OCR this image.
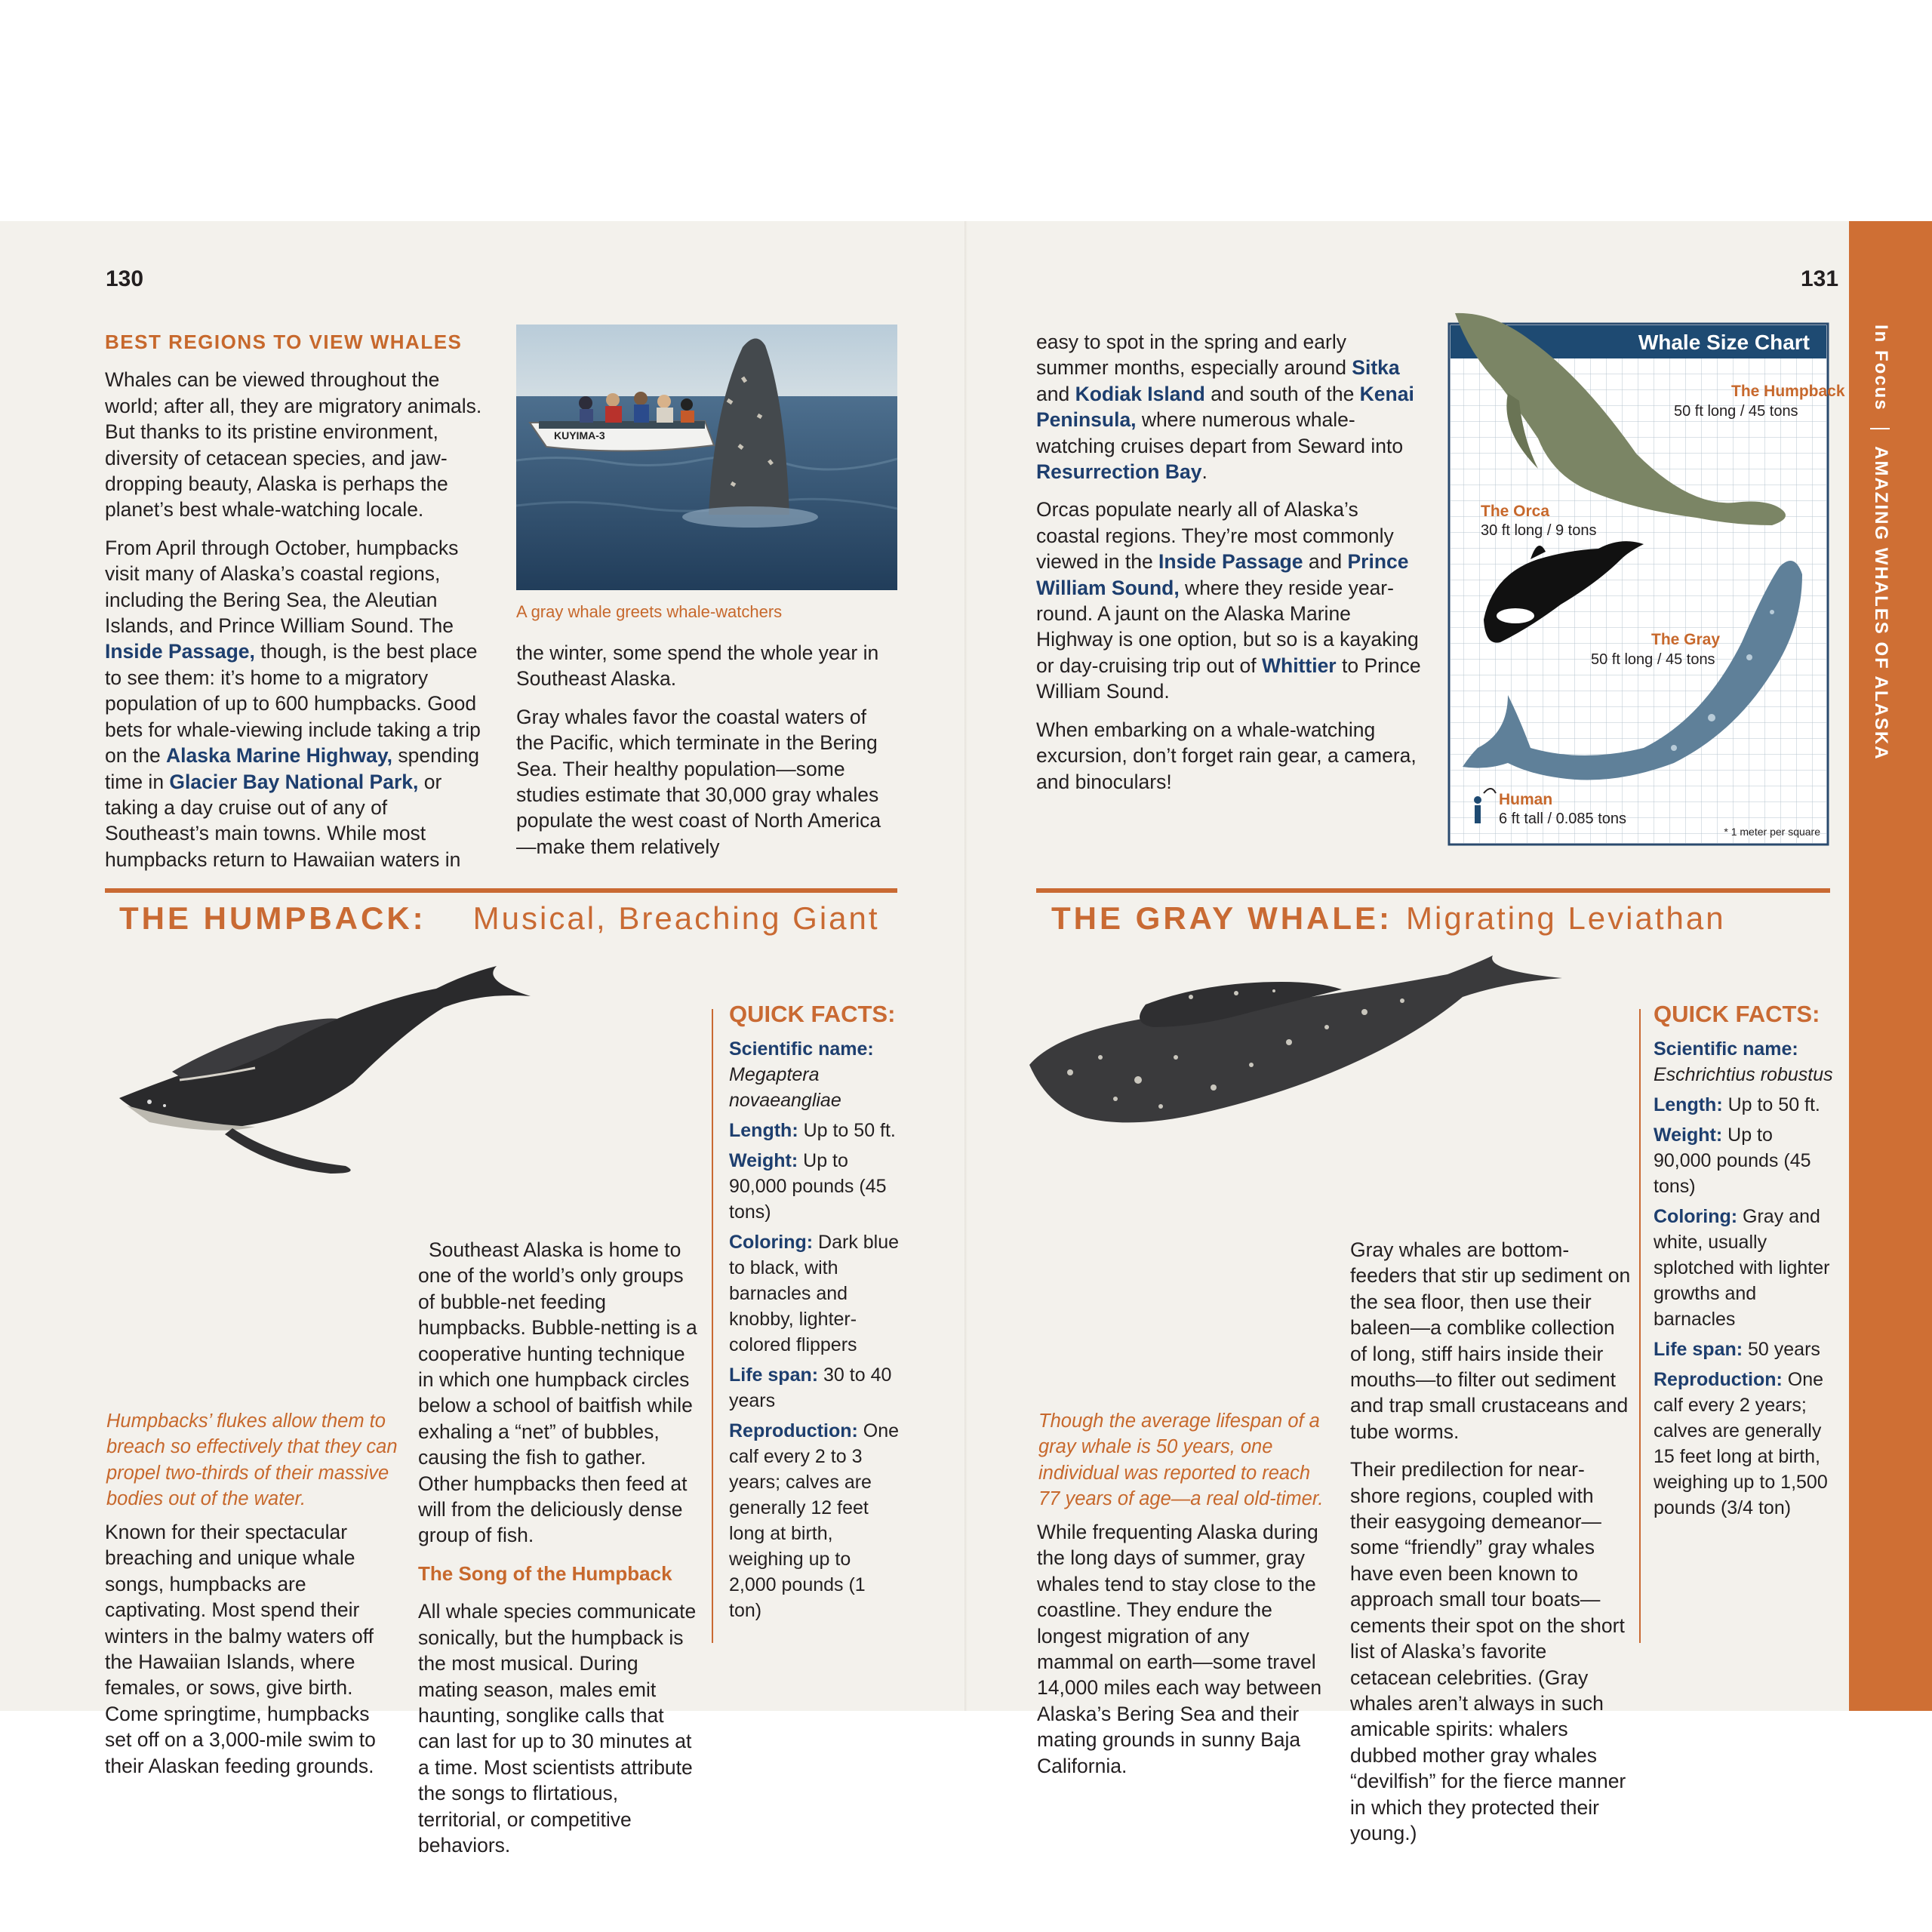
130

BEST REGIONS TO VIEW WHALES

Whales can be viewed throughout the world; after all, they are migratory animals. But thanks to its pristine environment, diversity of cetacean species, and jaw-dropping beauty, Alaska is perhaps the planet’s best whale-watching locale.

From April through October, humpbacks visit many of Alaska’s coastal regions, including the Bering Sea, the Aleutian Islands, and Prince William Sound. The Inside Passage, though, is the best place to see them: it’s home to a migratory population of up to 600 humpbacks. Good bets for whale-viewing include taking a trip on the Alaska Marine Highway, spending time in Glacier Bay National Park, or taking a day cruise out of any of Southeast’s main towns. While most humpbacks return to Hawaiian waters in

KUYIMA-3
A gray whale greets whale-watchers

the winter, some spend the whole year in Southeast Alaska.

Gray whales favor the coastal waters of the Pacific, which terminate in the Bering Sea. Their healthy population—some studies estimate that 30,000 gray whales populate the west coast of North America—make them relatively

THE HUMPBACK: Musical, Breaching Giant
Humpbacks’ flukes allow them to breach so effectively that they can propel two-thirds of their massive bodies out of the water.

Known for their spectacular breaching and unique whale songs, humpbacks are captivating. Most spend their winters in the balmy waters off the Hawaiian Islands, where females, or sows, give birth. Come springtime, humpbacks set off on a 3,000-mile swim to their Alaskan feeding grounds.

Southeast Alaska is home to one of the world’s only groups of bubble-net feeding humpbacks. Bubble-netting is a cooperative hunting technique in which one humpback circles below a school of baitfish while exhaling a “net” of bubbles, causing the fish to gather. Other humpbacks then feed at will from the deliciously dense group of fish.

The Song of the Humpback

All whale species communicate sonically, but the humpback is the most musical. During mating season, males emit haunting, songlike calls that can last for up to 30 minutes at a time. Most scientists attribute the songs to flirtatious, territorial, or competitive behaviors.

QUICK FACTS:

Scientific name:
Megaptera novaeangliae

Length: Up to 50 ft.

Weight: Up to 90,000 pounds (45 tons)

Coloring: Dark blue to black, with barnacles and knobby, lighter-colored flippers

Life span: 30 to 40 years

Reproduction: One calf every 2 to 3 years; calves are generally 12 feet long at birth, weighing up to 2,000 pounds (1 ton)

131

easy to spot in the spring and early summer months, especially around Sitka and Kodiak Island and south of the Kenai Peninsula, where numerous whale-watching cruises depart from Seward into Resurrection Bay.

Orcas populate nearly all of Alaska’s coastal regions. They’re most commonly viewed in the Inside Passage and Prince William Sound, where they reside year-round. A jaunt on the Alaska Marine Highway is one option, but so is a kayaking or day-cruising trip out of Whittier to Prince William Sound.

When embarking on a whale-watching excursion, don’t forget rain gear, a camera, and binoculars!

Whale Size Chart
The Humpback
50 ft long / 45 tons
The Orca
30 ft long / 9 tons
The Gray
50 ft long / 45 tons
Human
6 ft tall / 0.085 tons
* 1 meter per square
THE GRAY WHALE: Migrating Leviathan
Though the average lifespan of a gray whale is 50 years, one individual was reported to reach 77 years of age—a real old-timer.

While frequenting Alaska during the long days of summer, gray whales tend to stay close to the coastline. They endure the longest migration of any mammal on earth—some travel 14,000 miles each way between Alaska’s Bering Sea and their mating grounds in sunny Baja California.

Gray whales are bottom-feeders that stir up sediment on the sea floor, then use their baleen—a comblike collection of long, stiff hairs inside their mouths—to filter out sediment and trap small crustaceans and tube worms.

Their predilection for near-shore regions, coupled with their easygoing demeanor—some “friendly” gray whales have even been known to approach small tour boats—cements their spot on the short list of Alaska’s favorite cetacean celebrities. (Gray whales aren’t always in such amicable spirits: whalers dubbed mother gray whales “devilfish” for the fierce manner in which they protected their young.)

QUICK FACTS:

Scientific name:
Eschrichtius robustus

Length: Up to 50 ft.

Weight: Up to 90,000 pounds (45 tons)

Coloring: Gray and white, usually splotched with lighter growths and barnacles

Life span: 50 years

Reproduction: One calf every 2 years; calves are generally 15 feet long at birth, weighing up to 1,500 pounds (3/4 ton)

In Focus  AMAZING WHALES OF ALASKA
